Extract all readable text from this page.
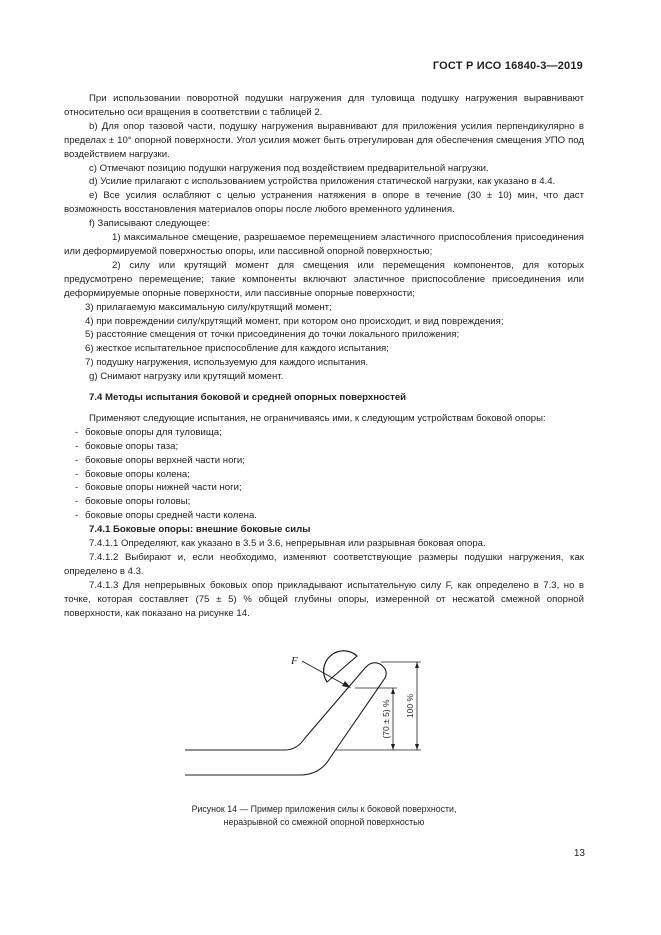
ГОСТ Р ИСО 16840-3—2019

При использовании поворотной подушки нагружения для туловища подушку нагружения выравнивают относительно оси вращения в соответствии с таблицей 2.

b) Для опор тазовой части, подушку нагружения выравнивают для приложения усилия перпендикулярно в пределах ± 10° опорной поверхности. Угол усилия может быть отрегулирован для обеспечения смещения УПО под воздействием нагрузки.

c) Отмечают позицию подушки нагружения под воздействием предварительной нагрузки.

d) Усилие прилагают с использованием устройства приложения статической нагрузки, как указано в 4.4.

e) Все усилия ослабляют с целью устранения натяжения в опоре в течение (30 ± 10) мин, что даст возможность восстановления материалов опоры после любого временного удлинения.

f) Записывают следующее:

1) максимальное смещение, разрешаемое перемещением эластичного приспособления присоединения или деформируемой поверхностью опоры, или пассивной опорной поверхностью;

2) силу или крутящий момент для смещения или перемещения компонентов, для которых предусмотрено перемещение; такие компоненты включают эластичное приспособление присоединения или деформируемые опорные поверхности, или пассивные опорные поверхности;

3) прилагаемую максимальную силу/крутящий момент;

4) при повреждении силу/крутящий момент, при котором оно происходит, и вид повреждения;

5) расстояние смещения от точки присоединения до точки локального приложения;

6) жесткое испытательное приспособление для каждого испытания;

7) подушку нагружения, используемую для каждого испытания.

g) Снимают нагрузку или крутящий момент.

7.4 Методы испытания боковой и средней опорных поверхностей

Применяют следующие испытания, не ограничиваясь ими, к следующим устройствам боковой опоры:

- боковые опоры для туловища;

- боковые опоры таза;

- боковые опоры верхней части ноги;

- боковые опоры колена;

- боковые опоры нижней части ноги;

- боковые опоры головы;

- боковые опоры средней части колена.

7.4.1 Боковые опоры: внешние боковые силы

7.4.1.1 Определяют, как указано в 3.5 и 3.6, непрерывная или разрывная боковая опора.

7.4.1.2 Выбирают и, если необходимо, изменяют соответствующие размеры подушки нагружения, как определено в 4.3.

7.4.1.3 Для непрерывных боковых опор прикладывают испытательную силу F, как определено в 7.3, но в точке, которая составляет (75 ± 5) % общей глубины опоры, измеренной от несжатой смежной опорной поверхности, как показано на рисунке 14.

F
(70 ± 5) % 100 %
Рисунок 14 — Пример приложения силы к боковой поверхности,
неразрывной со смежной опорной поверхностью
13
